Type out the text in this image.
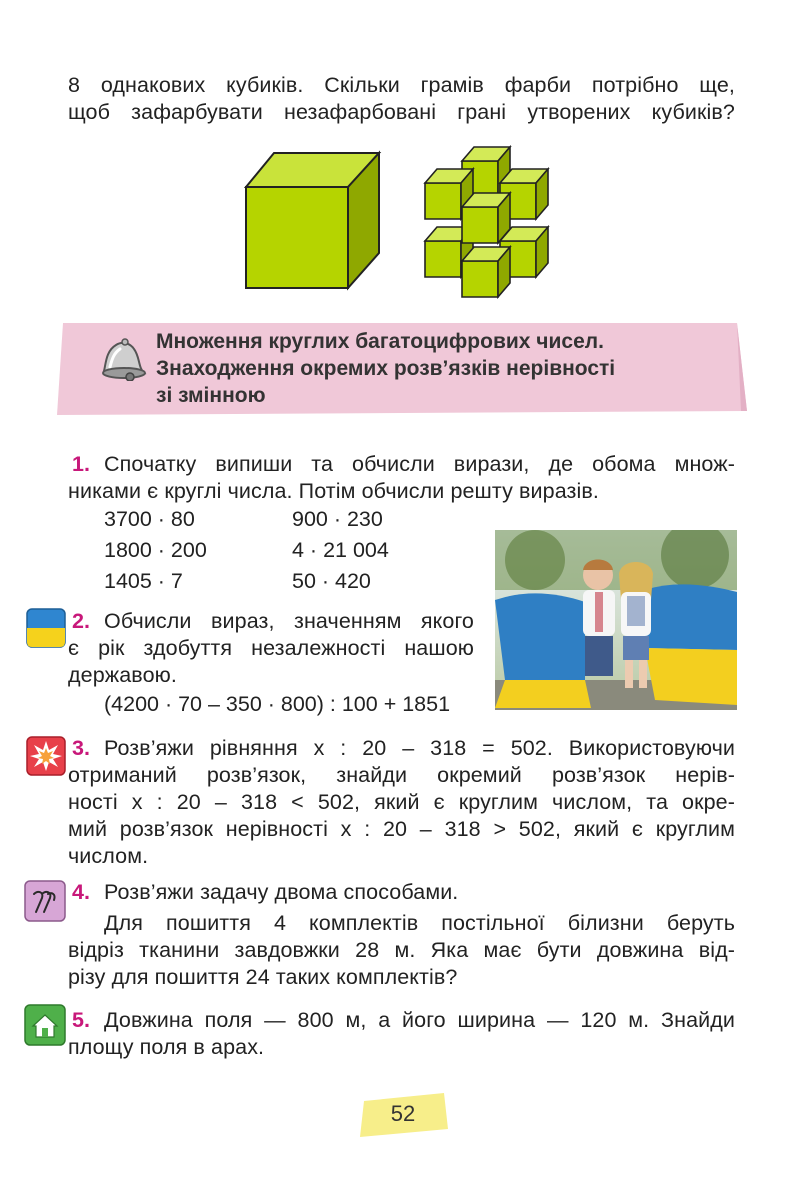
8 однакових кубиків. Скільки грамів фарби потрібно ще,
щоб зафарбувати незафарбовані грані утворених кубиків?
Множення круглих багатоцифрових чисел.
Знаходження окремих розв’язків нерівності
зі змінною
1. Спочатку випиши та обчисли вирази, де обома множ-
никами є круглі числа. Потім обчисли решту виразів.
3700 · 80	900 · 230
1800 · 200	4 · 21 004
1405 · 7	50 · 420
2. Обчисли вираз, значенням якого
є рік здобуття незалежності нашою
державою.
(4200 · 70 – 350 · 800) : 100 + 1851
3. Розв’яжи рівняння x : 20 – 318 = 502. Використовуючи
отриманий розв’язок, знайди окремий розв’язок нерів-
ності x : 20 – 318 < 502, який є круглим числом, та окре-
мий розв’язок нерівності x : 20 – 318 > 502, який є круглим
числом.
4. Розв’яжи задачу двома способами.
Для пошиття 4 комплектів постільної білизни беруть
відріз тканини завдовжки 28 м. Яка має бути довжина від-
різу для пошиття 24 таких комплектів?
5. Довжина поля — 800 м, а його ширина — 120 м. Знайди
площу поля в арах.
52
